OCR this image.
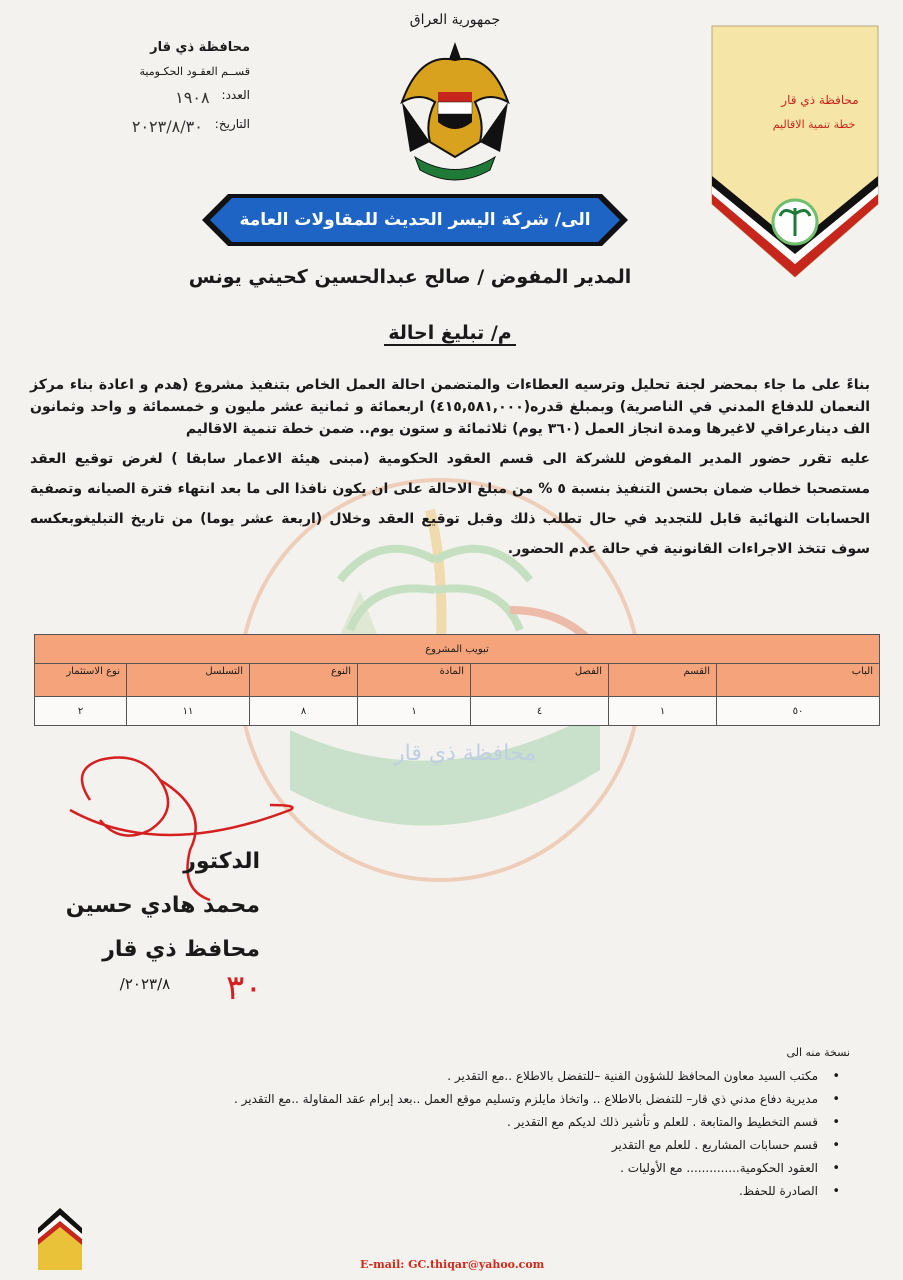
محافظة ذي قار
محافظة ذي قار
قســم العقـود الحكـومية
العدد:
١٩٠٨
التاريخ:
٢٠٢٣/٨/٣٠
جمهورية العراق
محافظة ذي قار
خطة تنمية الاقاليم
الى/ شركة اليسر الحديث للمقاولات العامة
المدير المفوض / صالح عبدالحسين كحيني يونس
م/ تبليغ احالة

بناءً على ما جاء بمحضر لجنة تحليل وترسيه العطاءات والمتضمن احالة العمل الخاص بتنفيذ مشروع (هدم و اعادة بناء مركز النعمان للدفاع المدني في الناصرية) وبمبلغ قدره(٤١٥,٥٨١,٠٠٠) اربعمائة و ثمانية عشر مليون و خمسمائة و واحد وثمانون الف دينارعراقي لاغيرها ومدة انجاز العمل (٣٦٠ يوم) ثلاثمائة و ستون يوم.. ضمن خطة تنمية الاقاليم

عليه تقرر حضور المدير المفوض للشركة الى قسم العقود الحكومية (مبنى هيئة الاعمار سابقا ) لغرض توقيع العقد مستصحبا خطاب ضمان بحسن التنفيذ بنسبة ٥ % من مبلغ الاحالة على ان يكون نافذا الى ما بعد انتهاء فترة الصيانه وتصفية الحسابات النهائية قابل للتجديد في حال تطلب ذلك وقبل توقيع العقد وخلال (اربعة عشر يوما) من تاريخ التبليغوبعكسه سوف تتخذ الاجراءات القانونية في حالة عدم الحضور.

تبويب المشروع						
الباب	القسم	الفصل	المادة	النوع	التسلسل	نوع الاستثمار
٥٠	١	٤	١	٨	١١	٢
الدكتور
محمد هادي حسين
محافظ ذي قار
٢٠٢٣/٨/	٣٠
نسخة منه الى
• مكتب السيد معاون المحافظ للشؤون الفنية –للتفضل بالاطلاع ..مع التقدير .
• مديرية دفاع مدني ذي قار– للتفضل بالاطلاع .. واتخاذ مايلزم وتسليم موقع العمل ..بعد إبرام عقد المقاولة ..مع التقدير .
• قسم التخطيط والمتابعة . للعلم و تأشير ذلك لديكم مع التقدير .
• قسم حسابات المشاريع . للعلم مع التقدير
• العقود الحكومية.............. مع الأوليات .
• الصادرة للحفظ.
E-mail: GC.thiqar@yahoo.com
